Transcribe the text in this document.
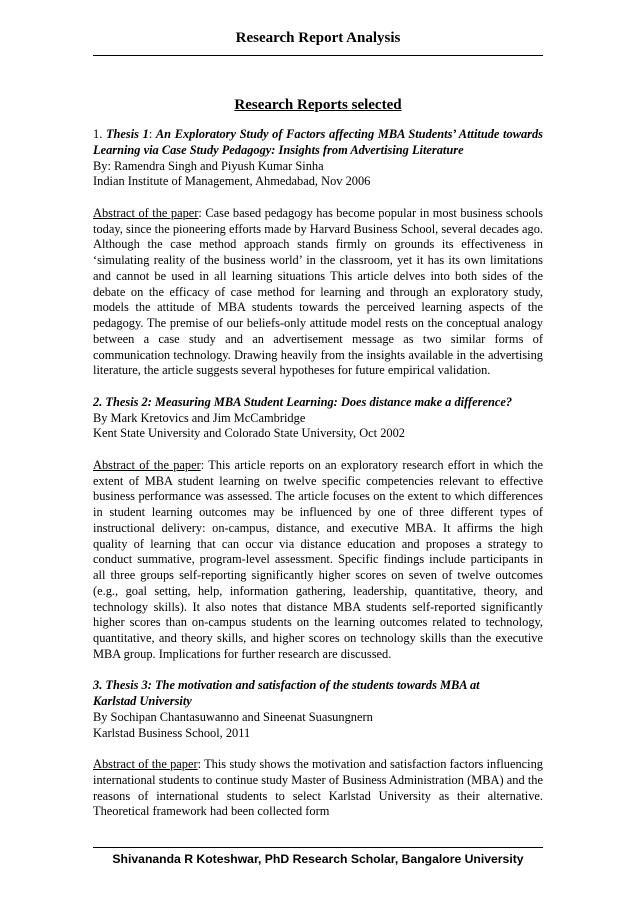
Research Report Analysis
Research Reports selected
1. Thesis 1: An Exploratory Study of Factors affecting MBA Students’ Attitude towards Learning via Case Study Pedagogy: Insights from Advertising Literature
By: Ramendra Singh and Piyush Kumar Sinha
Indian Institute of Management, Ahmedabad, Nov 2006
Abstract of the paper: Case based pedagogy has become popular in most business schools today, since the pioneering efforts made by Harvard Business School, several decades ago. Although the case method approach stands firmly on grounds its effectiveness in ‘simulating reality of the business world’ in the classroom, yet it has its own limitations and cannot be used in all learning situations This article delves into both sides of the debate on the efficacy of case method for learning and through an exploratory study, models the attitude of MBA students towards the perceived learning aspects of the pedagogy. The premise of our beliefs-only attitude model rests on the conceptual analogy between a case study and an advertisement message as two similar forms of communication technology. Drawing heavily from the insights available in the advertising literature, the article suggests several hypotheses for future empirical validation.
2. Thesis 2: Measuring MBA Student Learning: Does distance make a difference?
By Mark Kretovics and Jim McCambridge
Kent State University and Colorado State University, Oct 2002
Abstract of the paper: This article reports on an exploratory research effort in which the extent of MBA student learning on twelve specific competencies relevant to effective business performance was assessed. The article focuses on the extent to which differences in student learning outcomes may be influenced by one of three different types of instructional delivery: on-campus, distance, and executive MBA. It affirms the high quality of learning that can occur via distance education and proposes a strategy to conduct summative, program-level assessment. Specific findings include participants in all three groups self-reporting significantly higher scores on seven of twelve outcomes (e.g., goal setting, help, information gathering, leadership, quantitative, theory, and technology skills). It also notes that distance MBA students self-reported significantly higher scores than on-campus students on the learning outcomes related to technology, quantitative, and theory skills, and higher scores on technology skills than the executive MBA group. Implications for further research are discussed.
3. Thesis 3: The motivation and satisfaction of the students towards MBA at
Karlstad University
By Sochipan Chantasuwanno and Sineenat Suasungnern
Karlstad Business School, 2011
Abstract of the paper: This study shows the motivation and satisfaction factors influencing international students to continue study Master of Business Administration (MBA) and the reasons of international students to select Karlstad University as their alternative. Theoretical framework had been collected form
Shivananda R Koteshwar, PhD Research Scholar, Bangalore University
